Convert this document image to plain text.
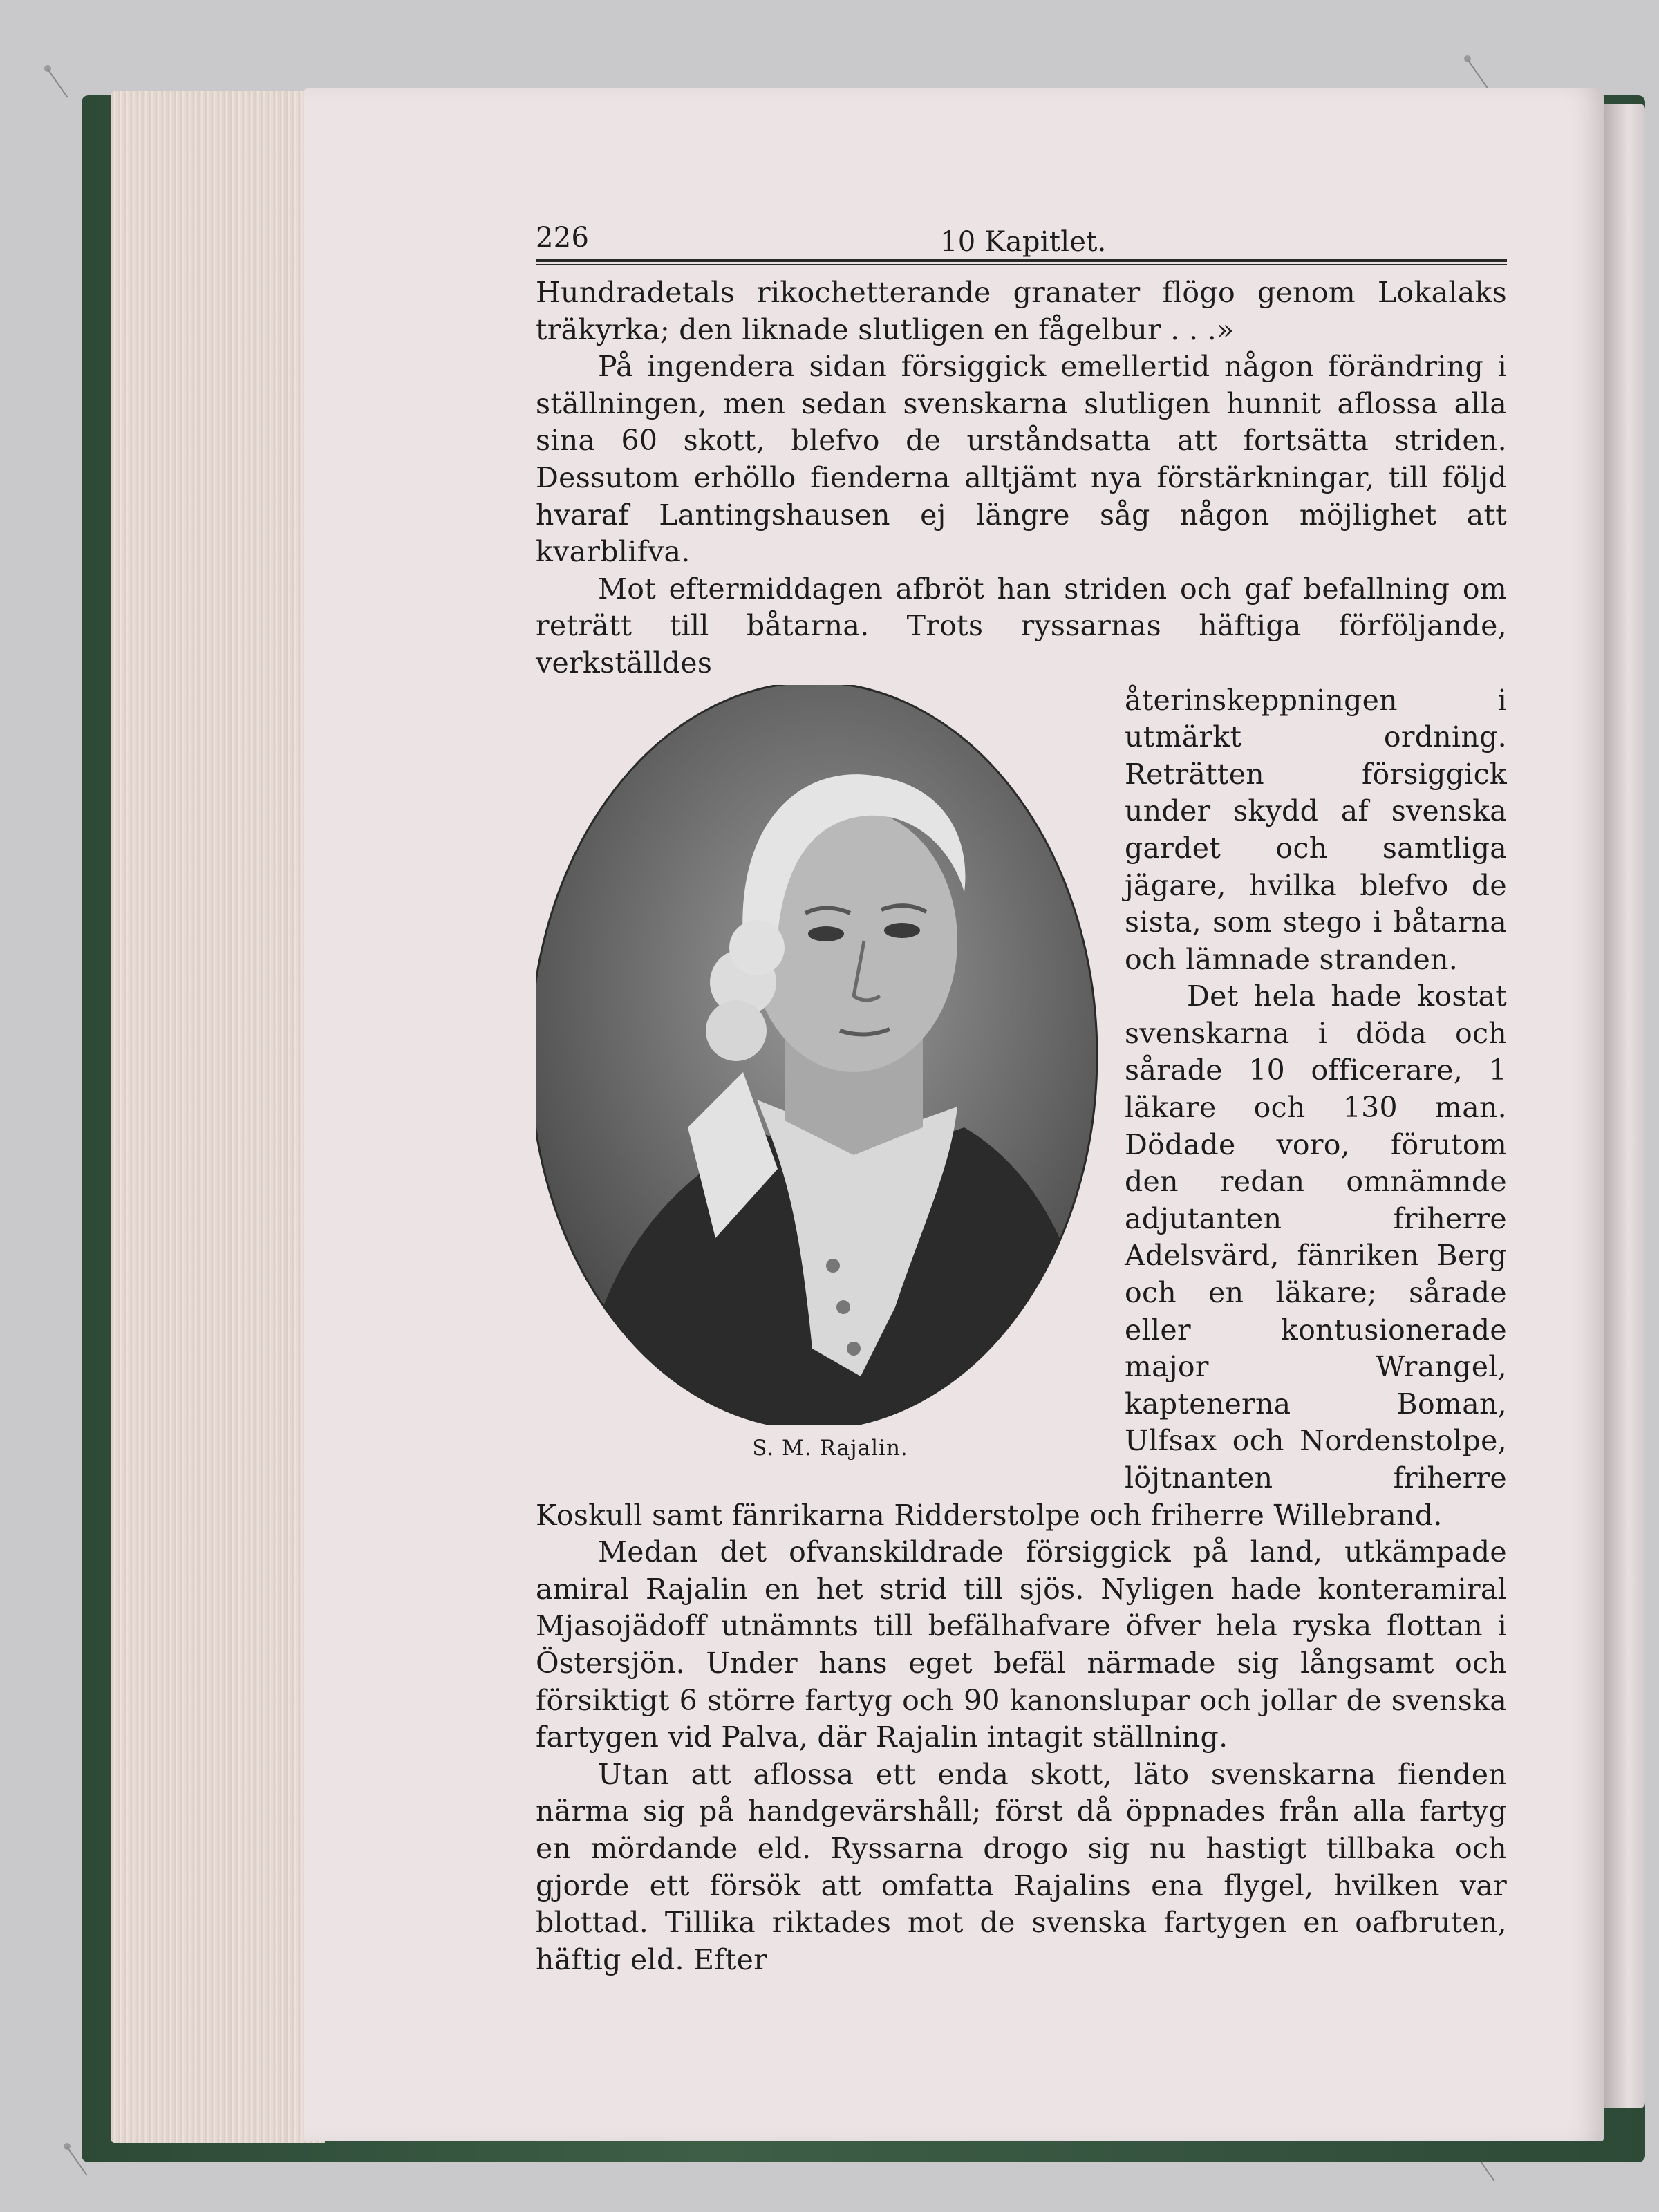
226	10 Kapitlet.

Hundradetals rikochetterande granater flögo genom Lokalaks träkyrka; den liknade slutligen en fågelbur . . .»

På ingendera sidan försiggick emellertid någon förändring i ställningen, men sedan svenskarna slutligen hunnit aflossa alla sina 60 skott, blefvo de urståndsatta att fortsätta striden. Dessutom erhöllo fienderna alltjämt nya förstärkningar, till följd hvaraf Lantingshausen ej längre såg någon möjlighet att kvarblifva.

Mot eftermiddagen afbröt han striden och gaf befallning om reträtt till båtarna. Trots ryssarnas häftiga förföljande, verkställdes

S. M. Rajalin.

återinskeppningen i utmärkt ordning. Reträtten försiggick under skydd af svenska gardet och samtliga jägare, hvilka blefvo de sista, som stego i båtarna och lämnade stranden.

Det hela hade kostat svenskarna i döda och sårade 10 officerare, 1 läkare och 130 man. Dödade voro, förutom den redan omnämnde adjutanten friherre Adelsvärd, fänriken Berg och en läkare; sårade eller kontusionerade major Wrangel, kaptenerna Boman, Ulfsax och Nordenstolpe, löjtnanten friherre Koskull samt fänrikarna Ridderstolpe och friherre Willebrand.

Medan det ofvanskildrade försiggick på land, utkämpade amiral Rajalin en het strid till sjös. Nyligen hade konteramiral Mjasojädoff utnämnts till befälhafvare öfver hela ryska flottan i Östersjön. Under hans eget befäl närmade sig långsamt och försiktigt 6 större fartyg och 90 kanonslupar och jollar de svenska fartygen vid Palva, där Rajalin intagit ställning.

Utan att aflossa ett enda skott, läto svenskarna fienden närma sig på handgevärshåll; först då öppnades från alla fartyg en mördande eld. Ryssarna drogo sig nu hastigt tillbaka och gjorde ett försök att omfatta Rajalins ena flygel, hvilken var blottad. Tillika riktades mot de svenska fartygen en oafbruten, häftig eld. Efter
